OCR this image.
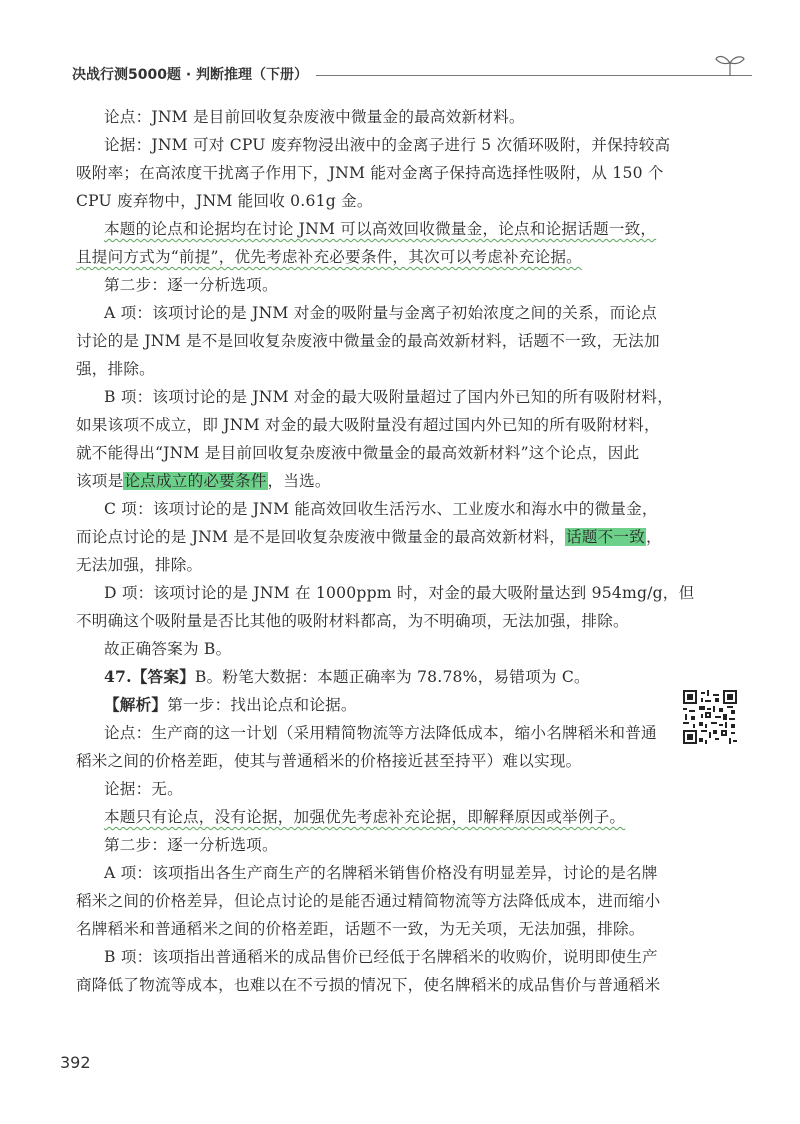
决战行测5000题 · 判断推理（下册）
论点：JNM 是目前回收复杂废液中微量金的最高效新材料。
论据：JNM 可对 CPU 废弃物浸出液中的金离子进行 5 次循环吸附，并保持较高
吸附率；在高浓度干扰离子作用下，JNM 能对金离子保持高选择性吸附，从 150 个
CPU 废弃物中，JNM 能回收 0.61g 金。
本题的论点和论据均在讨论 JNM 可以高效回收微量金，论点和论据话题一致，
且提问方式为“前提”，优先考虑补充必要条件，其次可以考虑补充论据。
第二步：逐一分析选项。
A 项：该项讨论的是 JNM 对金的吸附量与金离子初始浓度之间的关系，而论点
讨论的是 JNM 是不是回收复杂废液中微量金的最高效新材料，话题不一致，无法加
强，排除。
B 项：该项讨论的是 JNM 对金的最大吸附量超过了国内外已知的所有吸附材料，
如果该项不成立，即 JNM 对金的最大吸附量没有超过国内外已知的所有吸附材料，
就不能得出“JNM 是目前回收复杂废液中微量金的最高效新材料”这个论点，因此
该项是论点成立的必要条件，当选。
C 项：该项讨论的是 JNM 能高效回收生活污水、工业废水和海水中的微量金，
而论点讨论的是 JNM 是不是回收复杂废液中微量金的最高效新材料，话题不一致，
无法加强，排除。
D 项：该项讨论的是 JNM 在 1000ppm 时，对金的最大吸附量达到 954mg/g，但
不明确这个吸附量是否比其他的吸附材料都高，为不明确项，无法加强，排除。
故正确答案为 B。
47.【答案】B。粉笔大数据：本题正确率为 78.78%，易错项为 C。
【解析】第一步：找出论点和论据。
论点：生产商的这一计划（采用精简物流等方法降低成本，缩小名牌稻米和普通
稻米之间的价格差距，使其与普通稻米的价格接近甚至持平）难以实现。
论据：无。
本题只有论点，没有论据，加强优先考虑补充论据，即解释原因或举例子。
第二步：逐一分析选项。
A 项：该项指出各生产商生产的名牌稻米销售价格没有明显差异，讨论的是名牌
稻米之间的价格差异，但论点讨论的是能否通过精简物流等方法降低成本，进而缩小
名牌稻米和普通稻米之间的价格差距，话题不一致，为无关项，无法加强，排除。
B 项：该项指出普通稻米的成品售价已经低于名牌稻米的收购价，说明即使生产
商降低了物流等成本，也难以在不亏损的情况下，使名牌稻米的成品售价与普通稻米
392
